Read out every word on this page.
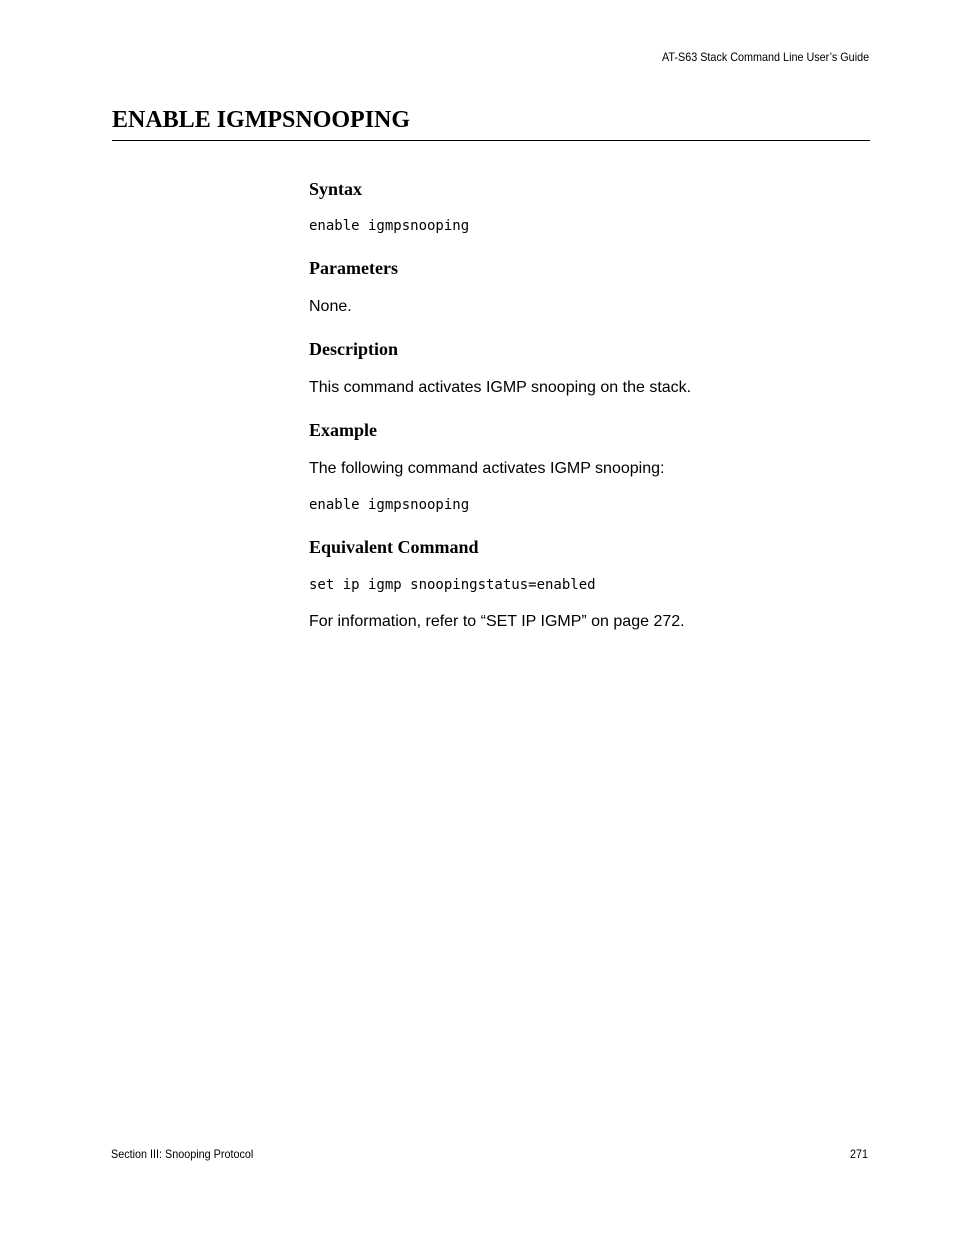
AT-S63 Stack Command Line User’s Guide
ENABLE IGMPSNOOPING
Syntax
enable igmpsnooping
Parameters

None.

Description

This command activates IGMP snooping on the stack.

Example

The following command activates IGMP snooping:

enable igmpsnooping
Equivalent Command
set ip igmp snoopingstatus=enabled

For information, refer to “SET IP IGMP” on page 272.

Section III: Snooping Protocol	271
